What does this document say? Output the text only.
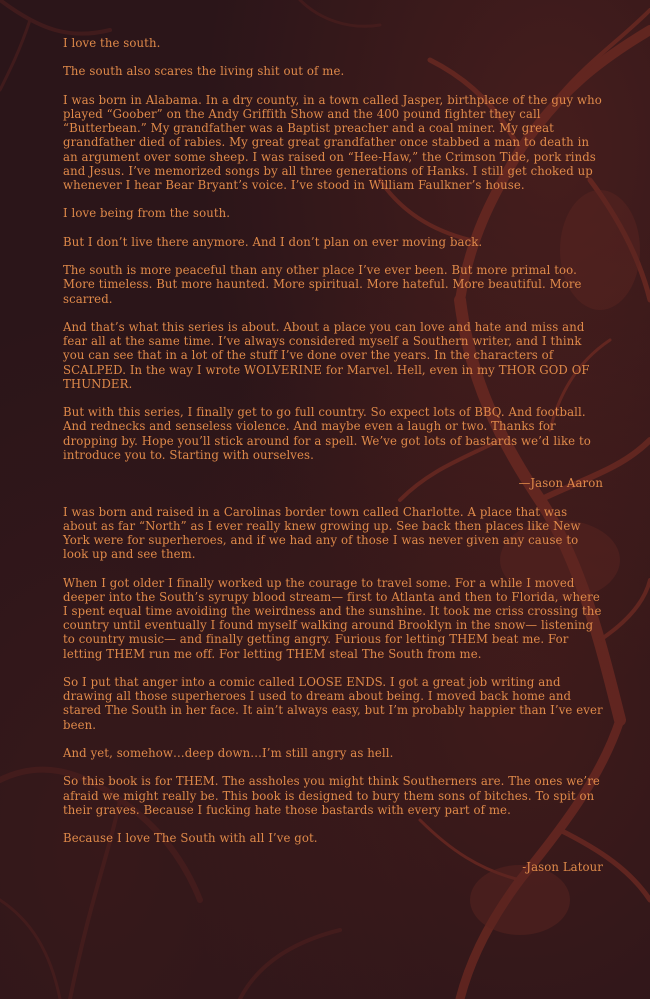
I love the south.

The south also scares the living shit out of me.

I was born in Alabama. In a dry county, in a town called Jasper, birthplace of the guy who played “Goober” on the Andy Griffith Show and the 400 pound fighter they call “Butterbean.” My grandfather was a Baptist preacher and a coal miner. My great grandfather died of rabies. My great great grandfather once stabbed a man to death in an argument over some sheep. I was raised on “Hee-Haw,” the Crimson Tide, pork rinds and Jesus. I’ve memorized songs by all three generations of Hanks. I still get choked up whenever I hear Bear Bryant’s voice. I’ve stood in William Faulkner’s house.

I love being from the south.

But I don’t live there anymore. And I don’t plan on ever moving back.

The south is more peaceful than any other place I’ve ever been. But more primal too. More timeless. But more haunted. More spiritual. More hateful. More beautiful. More scarred.

And that’s what this series is about. About a place you can love and hate and miss and fear all at the same time. I’ve always considered myself a Southern writer, and I think you can see that in a lot of the stuff I’ve done over the years. In the characters of SCALPED. In the way I wrote WOLVERINE for Marvel. Hell, even in my THOR GOD OF THUNDER.

But with this series, I finally get to go full country. So expect lots of BBQ. And football. And rednecks and senseless violence. And maybe even a laugh or two. Thanks for dropping by. Hope you’ll stick around for a spell. We’ve got lots of bastards we’d like to introduce you to. Starting with ourselves.

—Jason Aaron

I was born and raised in a Carolinas border town called Charlotte. A place that was about as far “North” as I ever really knew growing up. See back then places like New York were for superheroes, and if we had any of those I was never given any cause to look up and see them.

When I got older I finally worked up the courage to travel some. For a while I moved deeper into the South’s syrupy blood stream— first to Atlanta and then to Florida, where I spent equal time avoiding the weirdness and the sunshine. It took me criss crossing the country until eventually I found myself walking around Brooklyn in the snow— listening to country music— and finally getting angry. Furious for letting THEM beat me. For letting THEM run me off. For letting THEM steal The South from me.

So I put that anger into a comic called LOOSE ENDS. I got a great job writing and drawing all those superheroes I used to dream about being. I moved back home and stared The South in her face. It ain’t always easy, but I’m probably happier than I’ve ever been.

And yet, somehow…deep down…I’m still angry as hell.

So this book is for THEM. The assholes you might think Southerners are. The ones we’re afraid we might really be. This book is designed to bury them sons of bitches. To spit on their graves. Because I fucking hate those bastards with every part of me.

Because I love The South with all I’ve got.

-Jason Latour
